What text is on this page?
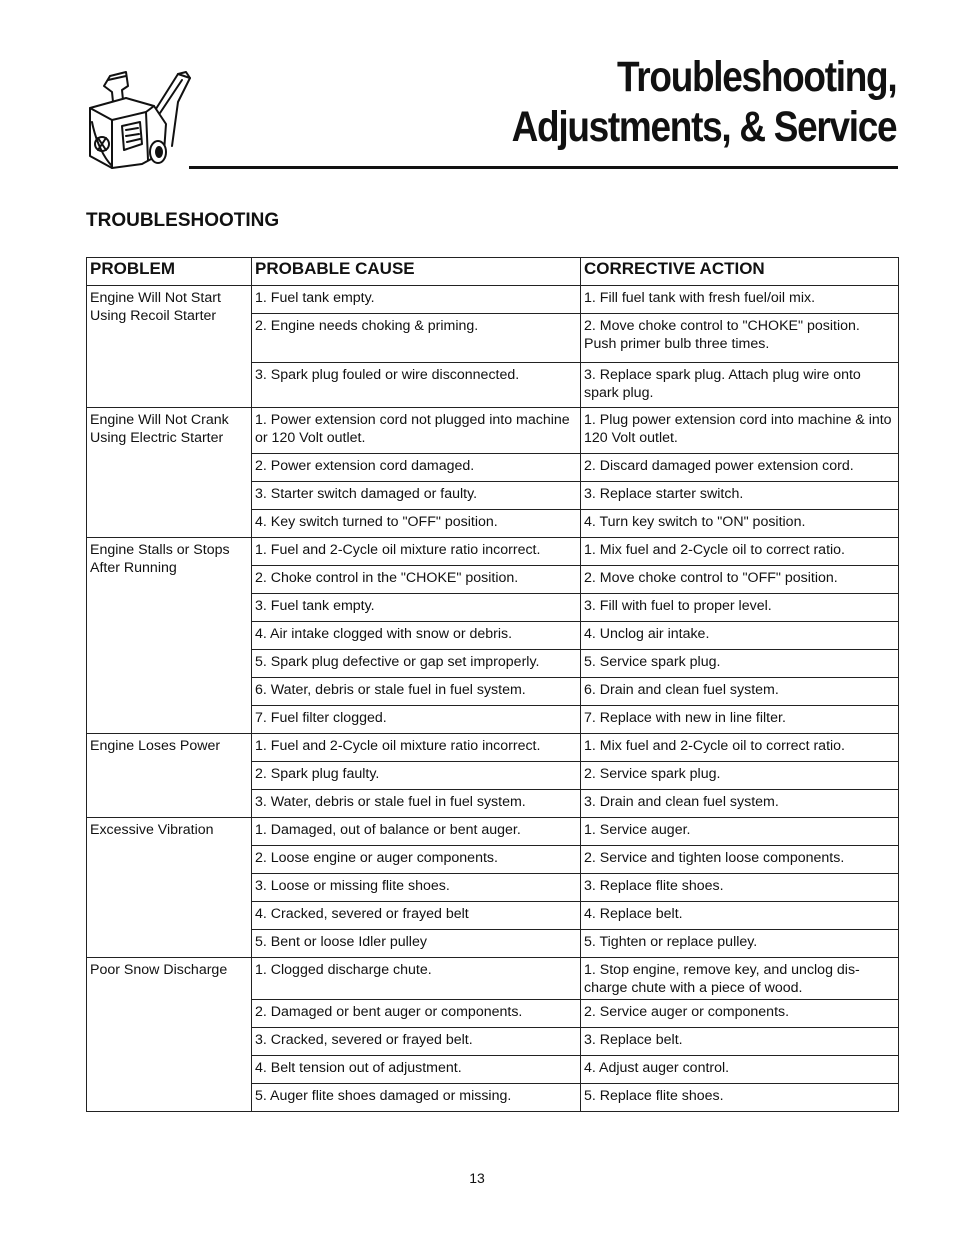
Troubleshooting,
Adjustments, & Service
TROUBLESHOOTING
PROBLEM	PROBABLE CAUSE	CORRECTIVE ACTION
Engine Will Not Start Using Recoil Starter	1. Fuel tank empty.	1. Fill fuel tank with fresh fuel/oil mix.
	2. Engine needs choking & priming.	2. Move choke control to "CHOKE" position. Push primer bulb three times.
	3. Spark plug fouled or wire disconnected.	3. Replace spark plug. Attach plug wire onto spark plug.
Engine Will Not Crank Using Electric Starter	1. Power extension cord not plugged into machine or 120 Volt outlet.	1. Plug power extension cord into machine & into 120 Volt outlet.
	2. Power extension cord damaged.	2. Discard damaged power extension cord.
	3. Starter switch damaged or faulty.	3. Replace starter switch.
	4. Key switch turned to "OFF" position.	4. Turn key switch to "ON" position.
Engine Stalls or Stops After Running	1. Fuel and 2-Cycle oil mixture ratio incorrect.	1. Mix fuel and 2-Cycle oil to correct ratio.
	2. Choke control in the "CHOKE" position.	2. Move choke control to "OFF" position.
	3. Fuel tank empty.	3. Fill with fuel to proper level.
	4. Air intake clogged with snow or debris.	4. Unclog air intake.
	5. Spark plug defective or gap set improperly.	5. Service spark plug.
	6. Water, debris or stale fuel in fuel system.	6. Drain and clean fuel system.
	7. Fuel filter clogged.	7. Replace with new in line filter.
Engine Loses Power	1. Fuel and 2-Cycle oil mixture ratio incorrect.	1. Mix fuel and 2-Cycle oil to correct ratio.
	2. Spark plug faulty.	2. Service spark plug.
	3. Water, debris or stale fuel in fuel system.	3. Drain and clean fuel system.
Excessive Vibration	1. Damaged, out of balance or bent auger.	1. Service auger.
	2. Loose engine or auger components.	2. Service and tighten loose components.
	3. Loose or missing flite shoes.	3. Replace flite shoes.
	4. Cracked, severed or frayed belt	4. Replace belt.
	5. Bent or loose Idler pulley	5. Tighten or replace pulley.
Poor Snow Discharge	1. Clogged discharge chute.	1. Stop engine, remove key, and unclog dis-charge chute with a piece of wood.
	2. Damaged or bent auger or components.	2. Service auger or components.
	3. Cracked, severed or frayed belt.	3. Replace belt.
	4. Belt tension out of adjustment.	4. Adjust auger control.
	5. Auger flite shoes damaged or missing.	5. Replace flite shoes.
13
